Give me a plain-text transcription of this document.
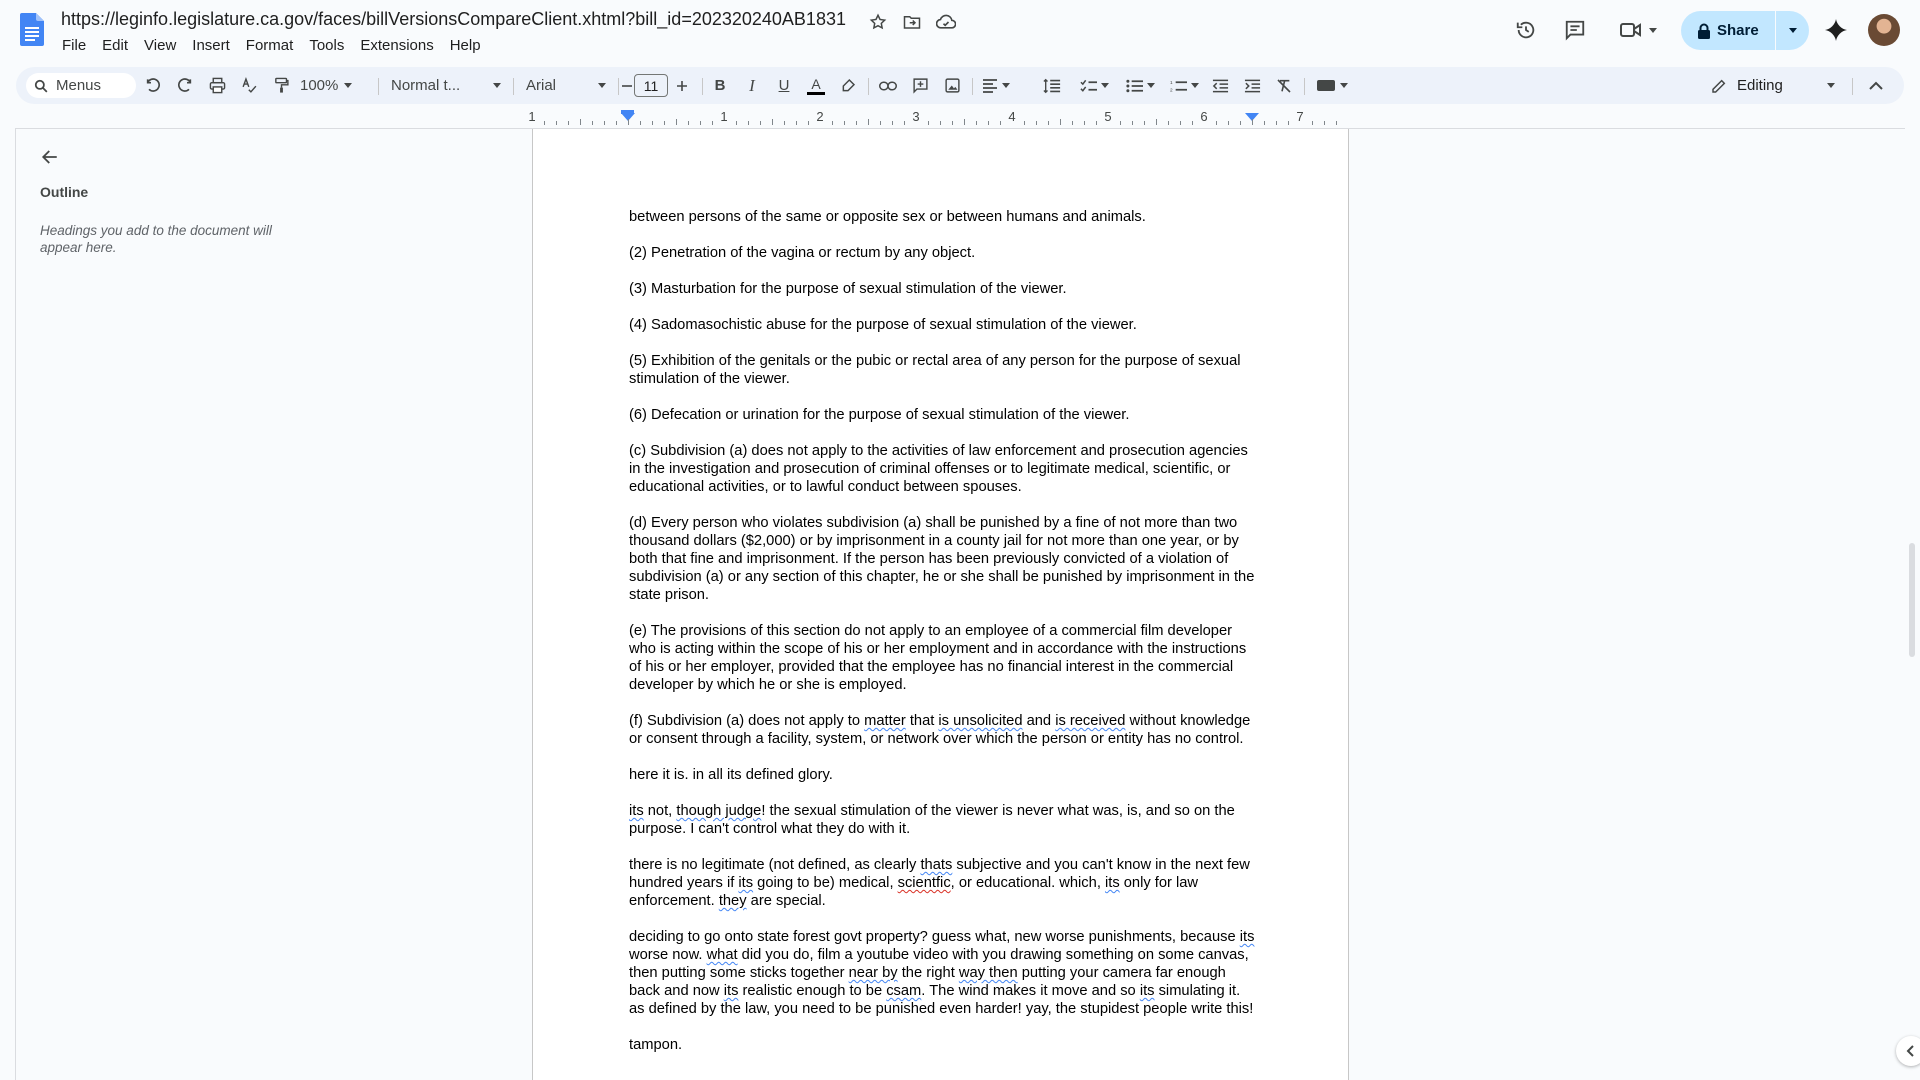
https://leginfo.legislature.ca.gov/faces/billVersionsCompareClient.xhtml?bill_id=202320240AB1831
File	Edit	View	Insert	Format	Tools	Extensions	Help
Share
Menus	100%	Normal t...	Arial	11	B	I	U	A	1
2	Editing
1	1	2	3	4	5	6	7
Outline
Headings you add to the document will appear here.

between persons of the same or opposite sex or between humans and animals.

(2) Penetration of the vagina or rectum by any object.

(3) Masturbation for the purpose of sexual stimulation of the viewer.

(4) Sadomasochistic abuse for the purpose of sexual stimulation of the viewer.

(5) Exhibition of the genitals or the pubic or rectal area of any person for the purpose of sexual stimulation of the viewer.

(6) Defecation or urination for the purpose of sexual stimulation of the viewer.

(c) Subdivision (a) does not apply to the activities of law enforcement and prosecution agencies in the investigation and prosecution of criminal offenses or to legitimate medical, scientific, or educational activities, or to lawful conduct between spouses.

(d) Every person who violates subdivision (a) shall be punished by a fine of not more than two thousand dollars ($2,000) or by imprisonment in a county jail for not more than one year, or by both that fine and imprisonment. If the person has been previously convicted of a violation of subdivision (a) or any section of this chapter, he or she shall be punished by imprisonment in the state prison.

(e) The provisions of this section do not apply to an employee of a commercial film developer who is acting within the scope of his or her employment and in accordance with the instructions of his or her employer, provided that the employee has no financial interest in the commercial developer by which he or she is employed.

(f) Subdivision (a) does not apply to matter that is unsolicited and is received without knowledge or consent through a facility, system, or network over which the person or entity has no control.

here it is. in all its defined glory.

its not, though judge! the sexual stimulation of the viewer is never what was, is, and so on the purpose. I can't control what they do with it.

there is no legitimate (not defined, as clearly thats subjective and you can't know in the next few hundred years if its going to be) medical, scientfic, or educational. which, its only for law enforcement. they are special.

deciding to go onto state forest govt property? guess what, new worse punishments, because its worse now. what did you do, film a youtube video with you drawing something on some canvas, then putting some sticks together near by the right way then putting your camera far enough back and now its realistic enough to be csam. The wind makes it move and so its simulating it. as defined by the law, you need to be punished even harder! yay, the stupidest people write this!

tampon.
